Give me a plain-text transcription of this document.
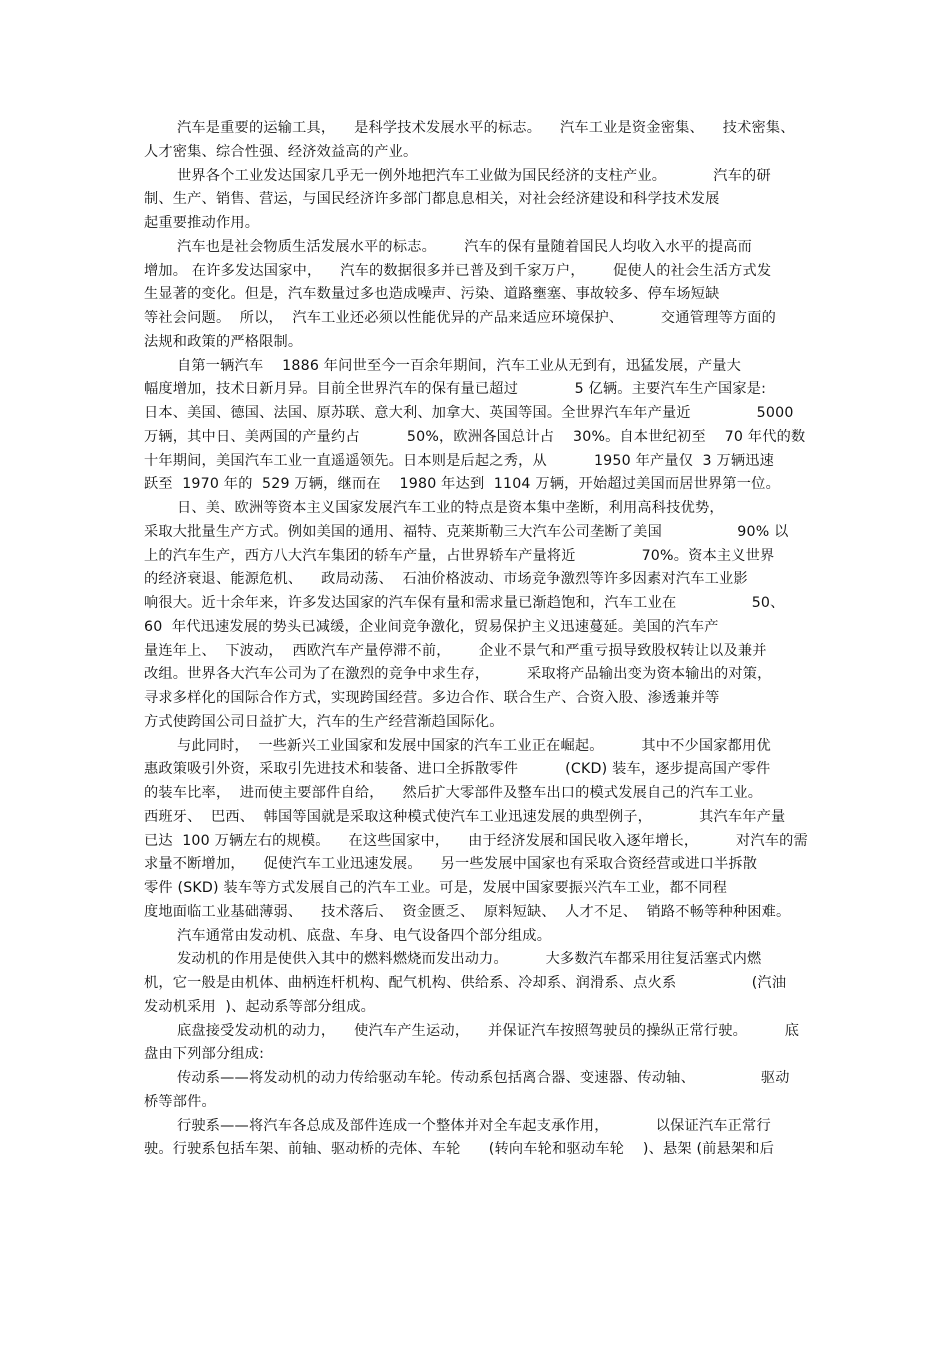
汽车是重要的运输工具，    是科学技术发展水平的标志。    汽车工业是资金密集、    技术密集、
人才密集、综合性强、经济效益高的产业。
世界各个工业发达国家几乎无一例外地把汽车工业做为国民经济的支柱产业。          汽车的研
制、生产、销售、营运，与国民经济许多部门都息息相关，对社会经济建设和科学技术发展
起重要推动作用。
汽车也是社会物质生活发展水平的标志。      汽车的保有量随着国民人均收入水平的提高而
增加。 在许多发达国家中，    汽车的数据很多并已普及到千家万户，      促使人的社会生活方式发
生显著的变化。但是，汽车数量过多也造成噪声、污染、道路壅塞、事故较多、停车场短缺
等社会问题。  所以，  汽车工业还必须以性能优异的产品来适应环境保护、        交通管理等方面的
法规和政策的严格限制。
自第一辆汽车    1886 年问世至今一百余年期间，汽车工业从无到有，迅猛发展，产量大
幅度增加，技术日新月异。目前全世界汽车的保有量已超过            5 亿辆。主要汽车生产国家是:
日本、美国、德国、法国、原苏联、意大利、加拿大、英国等国。全世界汽车年产量近              5000
万辆，其中日、美两国的产量约占          50%，欧洲各国总计占    30%。自本世纪初至    70 年代的数
十年期间，美国汽车工业一直遥遥领先。日本则是后起之秀，从          1950 年产量仅  3 万辆迅速
跃至  1970 年的  529 万辆，继而在    1980 年达到  1104 万辆，开始超过美国而居世界第一位。
日、美、欧洲等资本主义国家发展汽车工业的特点是资本集中垄断，利用高科技优势，
采取大批量生产方式。例如美国的通用、福特、克莱斯勒三大汽车公司垄断了美国                90% 以
上的汽车生产，西方八大汽车集团的轿车产量，占世界轿车产量将近              70%。资本主义世界
的经济衰退、能源危机、    政局动荡、  石油价格波动、市场竞争激烈等许多因素对汽车工业影
响很大。近十余年来，许多发达国家的汽车保有量和需求量已渐趋饱和，汽车工业在                50、
60  年代迅速发展的势头已减缓，企业间竞争激化，贸易保护主义迅速蔓延。美国的汽车产
量连年上、  下波动，  西欧汽车产量停滞不前，      企业不景气和严重亏损导致股权转让以及兼并
改组。世界各大汽车公司为了在激烈的竞争中求生存，        采取将产品输出变为资本输出的对策，
寻求多样化的国际合作方式，实现跨国经营。多边合作、联合生产、合资入股、渗透兼并等
方式使跨国公司日益扩大，汽车的生产经营渐趋国际化。
与此同时，  一些新兴工业国家和发展中国家的汽车工业正在崛起。        其中不少国家都用优
惠政策吸引外资，采取引先进技术和装备、进口全拆散零件          (CKD) 装车，逐步提高国产零件
的装车比率，  进而使主要部件自给，    然后扩大零部件及整车出口的模式发展自己的汽车工业。
西班牙、  巴西、  韩国等国就是采取这种模式使汽车工业迅速发展的典型例子，          其汽车年产量
已达  100 万辆左右的规模。    在这些国家中，    由于经济发展和国民收入逐年增长，        对汽车的需
求量不断增加，    促使汽车工业迅速发展。    另一些发展中国家也有采取合资经营或进口半拆散
零件 (SKD) 装车等方式发展自己的汽车工业。可是，发展中国家要振兴汽车工业，都不同程
度地面临工业基础薄弱、    技术落后、  资金匮乏、  原料短缺、  人才不足、  销路不畅等种种困难。
汽车通常由发动机、底盘、车身、电气设备四个部分组成。
发动机的作用是使供入其中的燃料燃烧而发出动力。        大多数汽车都采用往复活塞式内燃
机，它一般是由机体、曲柄连杆机构、配气机构、供给系、冷却系、润滑系、点火系                (汽油
发动机采用  )、起动系等部分组成。
底盘接受发动机的动力，    使汽车产生运动，    并保证汽车按照驾驶员的操纵正常行驶。        底
盘由下列部分组成:
传动系——将发动机的动力传给驱动车轮。传动系包括离合器、变速器、传动轴、              驱动
桥等部件。
行驶系——将汽车各总成及部件连成一个整体并对全车起支承作用，          以保证汽车正常行
驶。行驶系包括车架、前轴、驱动桥的壳体、车轮      (转向车轮和驱动车轮    )、悬架 (前悬架和后
